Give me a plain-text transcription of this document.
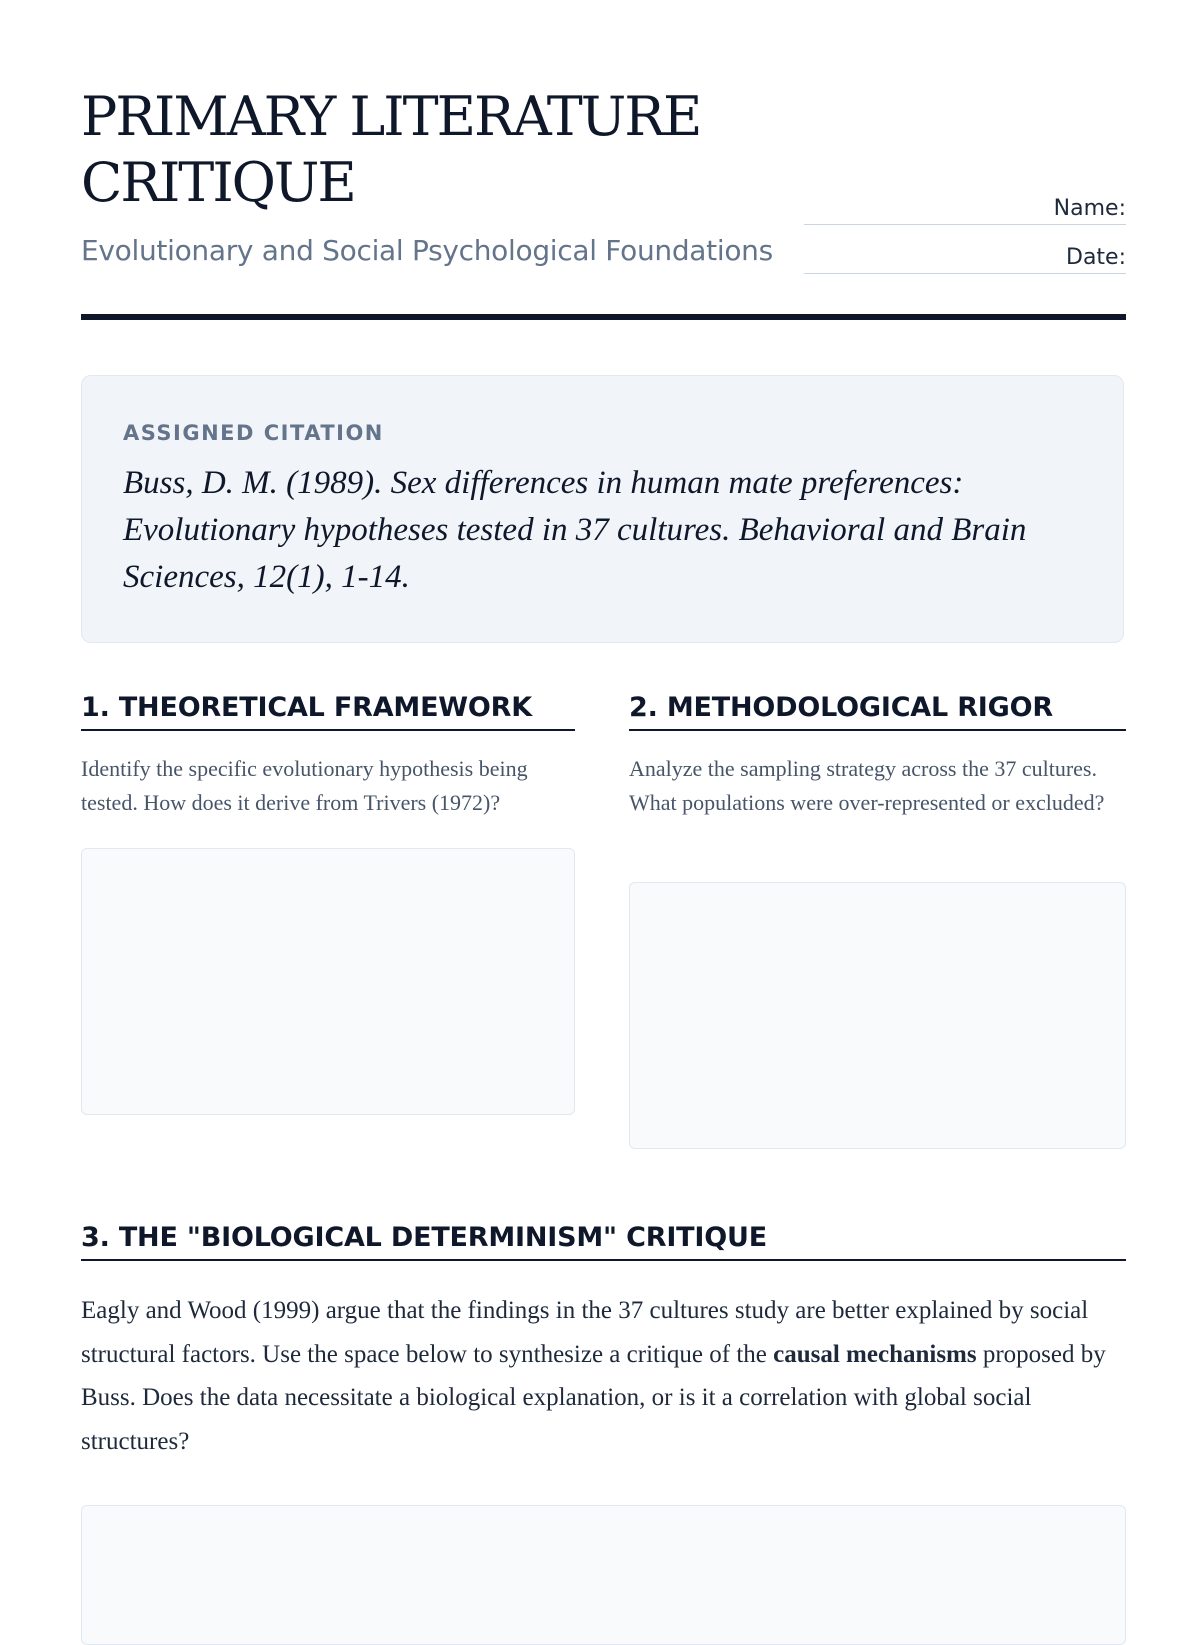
PRIMARY LITERATURE CRITIQUE

Evolutionary and Social Psychological Foundations

Name:
Date:
ASSIGNED CITATION

Buss, D. M. (1989). Sex differences in human mate preferences: Evolutionary hypotheses tested in 37 cultures. Behavioral and Brain Sciences, 12(1), 1-14.

1. THEORETICAL FRAMEWORK

Identify the specific evolutionary hypothesis being tested. How does it derive from Trivers (1972)?

2. METHODOLOGICAL RIGOR

Analyze the sampling strategy across the 37 cultures. What populations were over-represented or excluded?

3. THE "BIOLOGICAL DETERMINISM" CRITIQUE

Eagly and Wood (1999) argue that the findings in the 37 cultures study are better explained by social structural factors. Use the space below to synthesize a critique of the causal mechanisms proposed by Buss. Does the data necessitate a biological explanation, or is it a correlation with global social structures?
